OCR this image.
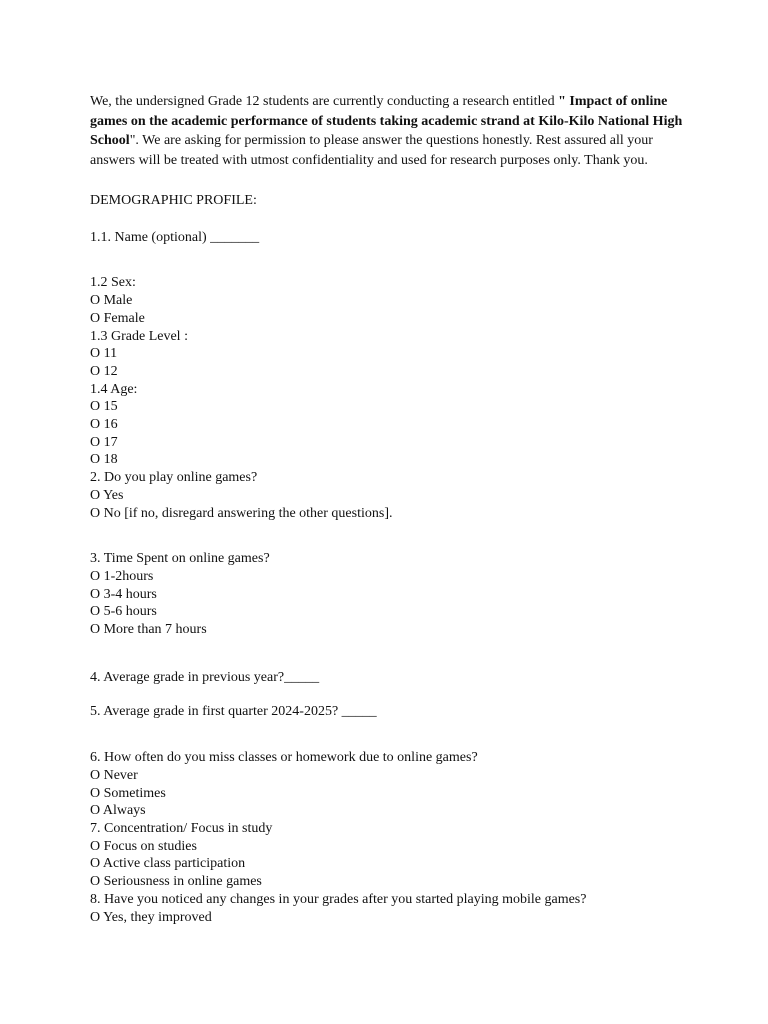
We, the undersigned Grade 12 students are currently conducting a research entitled " Impact of online games on the academic performance of students taking academic strand at Kilo-Kilo National High School". We are asking for permission to please answer the questions honestly. Rest assured all your answers will be treated with utmost confidentiality and used for research purposes only. Thank you.

DEMOGRAPHIC PROFILE:
1.1. Name (optional) _______
1.2 Sex:
O Male
O Female
1.3 Grade Level :
O 11
O 12
1.4 Age:
O 15
O 16
O 17
O 18
2. Do you play online games?
O Yes
O No [if no, disregard answering the other questions].
3. Time Spent on online games?
O 1-2hours
O 3-4 hours
O 5-6 hours
O More than 7 hours
4. Average grade in previous year?_____
5. Average grade in first quarter 2024-2025? _____
6. How often do you miss classes or homework due to online games?
O Never
O Sometimes
O Always
7. Concentration/ Focus in study
O Focus on studies
O Active class participation
O Seriousness in online games
8. Have you noticed any changes in your grades after you started playing mobile games?
O Yes, they improved
